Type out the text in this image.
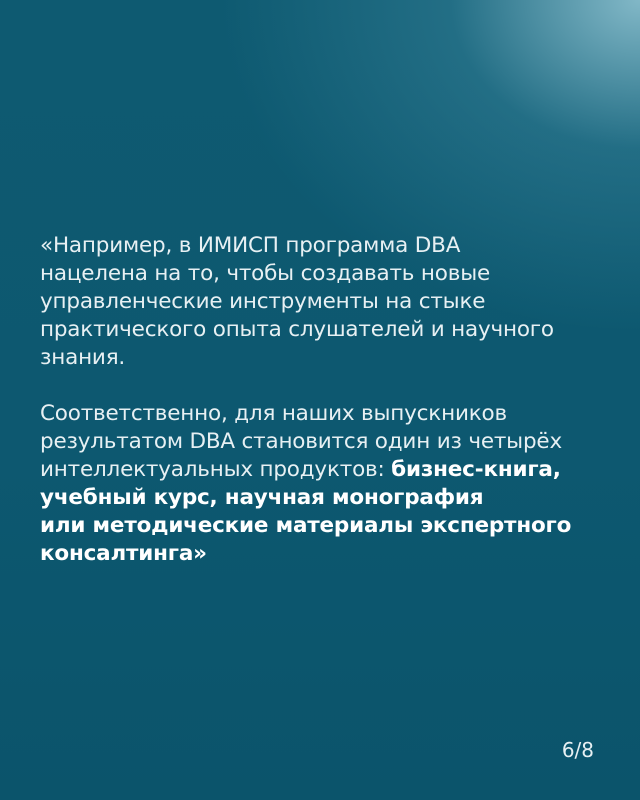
«Например, в ИМИСП программа DBA
нацелена на то, чтобы создавать новые
управленческие инструменты на стыке
практического опыта слушателей и научного
знания.

Соответственно, для наших выпускников
результатом DBA становится один из четырёх
интеллектуальных продуктов: бизнес-книга,
учебный курс, научная монография
или методические материалы экспертного
консалтинга»

6/8
